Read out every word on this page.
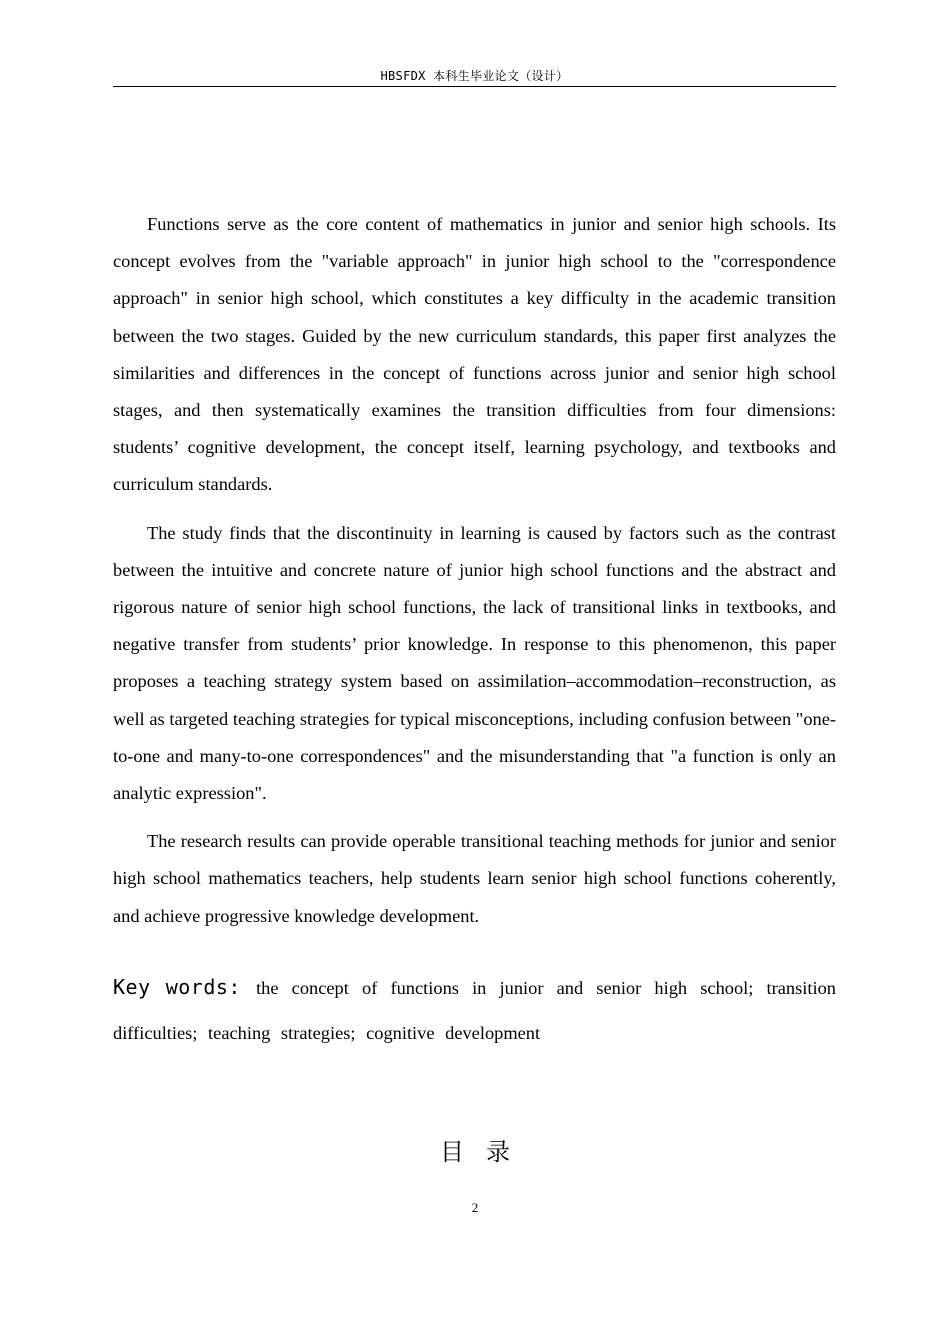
HBSFDX 本科生毕业论文（设计）

Functions serve as the core content of mathematics in junior and senior high schools. Its concept evolves from the "variable approach" in junior high school to the "correspondence approach" in senior high school, which constitutes a key difficulty in the academic transition between the two stages. Guided by the new curriculum standards, this paper first analyzes the similarities and differences in the concept of functions across junior and senior high school stages, and then systematically examines the transition difficulties from four dimensions: students’ cognitive development, the concept itself, learning psychology, and textbooks and curriculum standards.

The study finds that the discontinuity in learning is caused by factors such as the contrast between the intuitive and concrete nature of junior high school functions and the abstract and rigorous nature of senior high school functions, the lack of transitional links in textbooks, and negative transfer from students’ prior knowledge. In response to this phenomenon, this paper proposes a teaching strategy system based on assimilation–accommodation–reconstruction, as well as targeted teaching strategies for typical misconceptions, including confusion between "one-to-one and many-to-one correspondences" and the misunderstanding that "a function is only an analytic expression".

The research results can provide operable transitional teaching methods for junior and senior high school mathematics teachers, help students learn senior high school functions coherently, and achieve progressive knowledge development.

Key words: the concept of functions in junior and senior high school; transition difficulties; teaching strategies; cognitive development
目录
2
